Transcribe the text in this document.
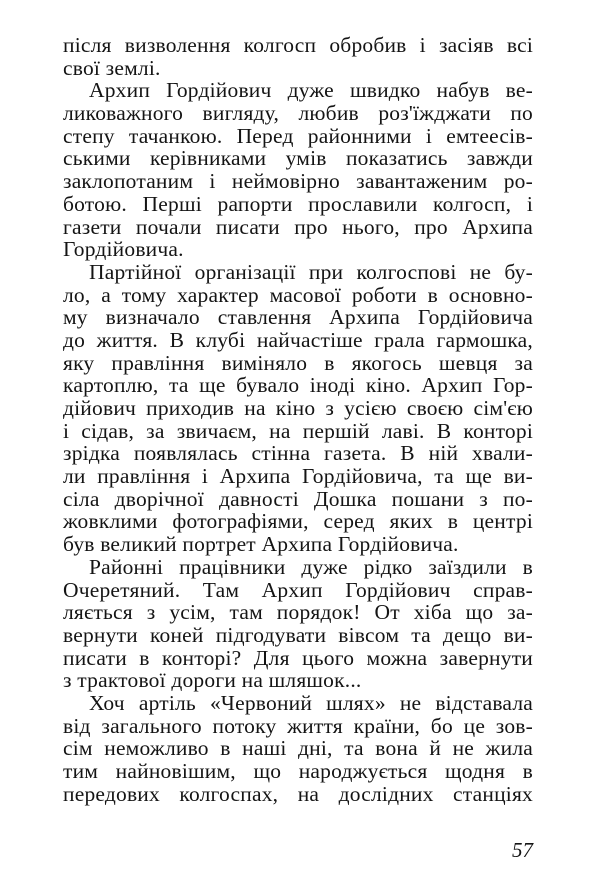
після визволення колгосп обробив і засіяв всі
свої землі.
Архип Гордійович дуже швидко набув ве-
ликоважного вигляду, любив роз'їжджати по
степу тачанкою. Перед районними і емтеесів-
ськими керівниками умів показатись завжди
заклопотаним і неймовірно завантаженим ро-
ботою. Перші рапорти прославили колгосп, і
газети почали писати про нього, про Архипа
Гордійовича.
Партійної організації при колгоспові не бу-
ло, а тому характер масової роботи в основно-
му визначало ставлення Архипа Гордійовича
до життя. В клубі найчастіше грала гармошка,
яку правління виміняло в якогось шевця за
картоплю, та ще бувало іноді кіно. Архип Гор-
дійович приходив на кіно з усією своєю сім'єю
і сідав, за звичаєм, на першій лаві. В конторі
зрідка появлялась стінна газета. В ній хвали-
ли правління і Архипа Гордійовича, та ще ви-
сіла дворічної давності Дошка пошани з по-
жовклими фотографіями, серед яких в центрі
був великий портрет Архипа Гордійовича.
Районні працівники дуже рідко заїздили в
Очеретяний. Там Архип Гордійович справ-
ляється з усім, там порядок! От хіба що за-
вернути коней підгодувати вівсом та дещо ви-
писати в конторі? Для цього можна завернути
з трактової дороги на шляшок...
Хоч артіль «Червоний шлях» не відставала
від загального потоку життя країни, бо це зов-
сім неможливо в наші дні, та вона й не жила
тим найновішим, що народжується щодня в
передових колгоспах, на дослідних станціях
57
